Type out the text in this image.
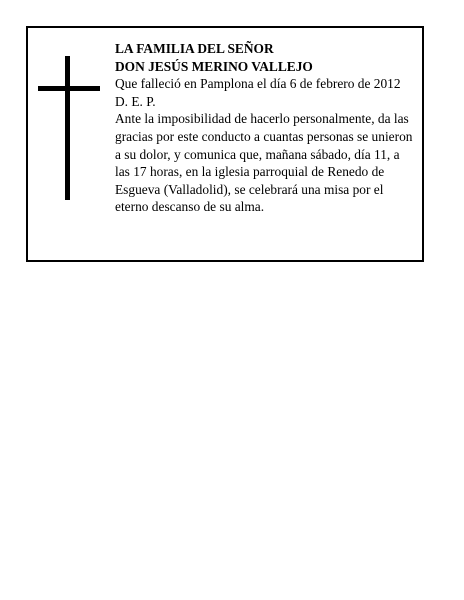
LA FAMILIA DEL SEÑOR
DON JESÚS MERINO VALLEJO
Que falleció en Pamplona el día 6 de febrero de 2012
D. E. P.
Ante la imposibilidad de hacerlo personalmente, da las
gracias por este conducto a cuantas personas se unieron
a su dolor, y comunica que, mañana sábado, día 11, a
las 17 horas, en la iglesia parroquial de Renedo de
Esgueva (Valladolid), se celebrará una misa por el
eterno descanso de su alma.
